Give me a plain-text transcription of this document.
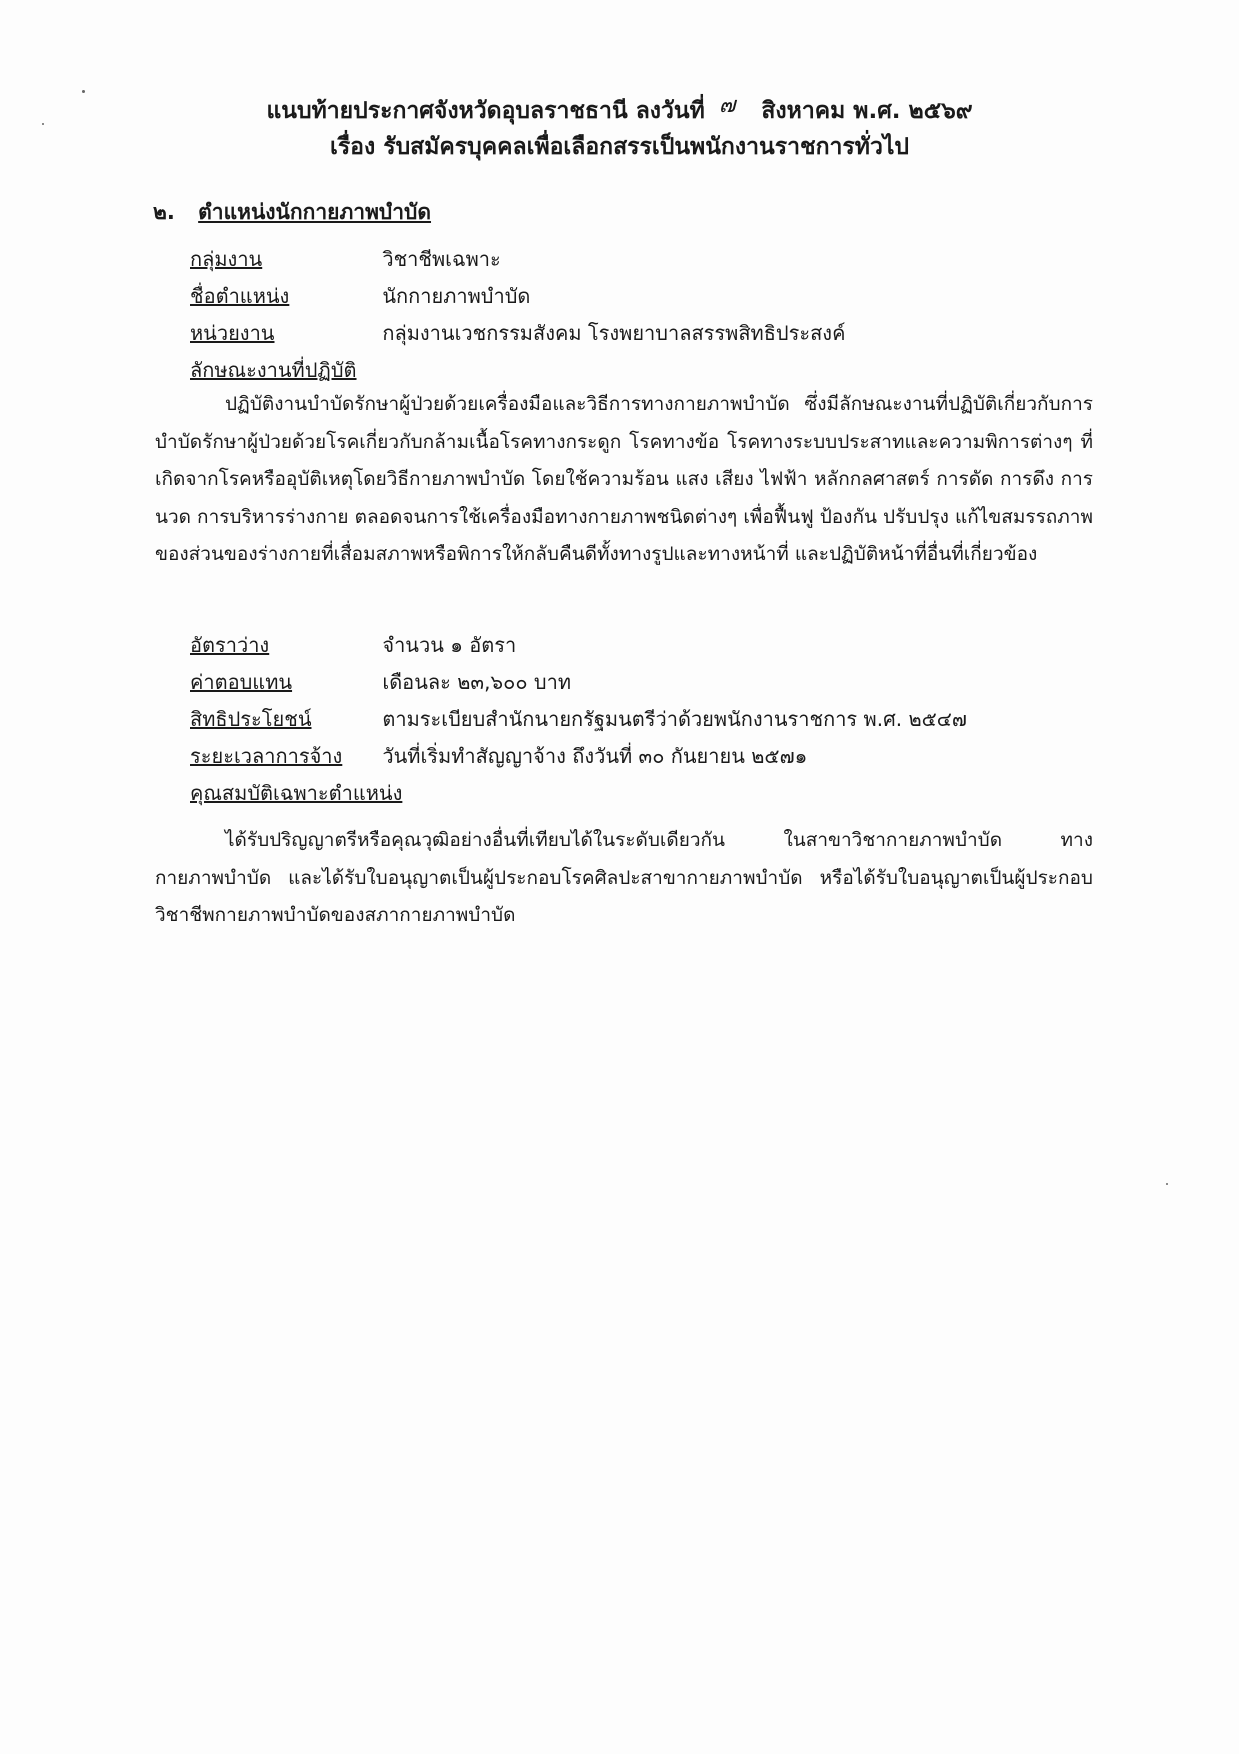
แนบท้ายประกาศจังหวัดอุบลราชธานี ลงวันที่ ๗ สิงหาคม พ.ศ. ๒๕๖๙
เรื่อง รับสมัครบุคคลเพื่อเลือกสรรเป็นพนักงานราชการทั่วไป
๒. ตำแหน่งนักกายภาพบำบัด
กลุ่มงาน	วิชาชีพเฉพาะ
ชื่อตำแหน่ง	นักกายภาพบำบัด
หน่วยงาน	กลุ่มงานเวชกรรมสังคม โรงพยาบาลสรรพสิทธิประสงค์
ลักษณะงานที่ปฏิบัติ
ปฏิบัติงานบำบัดรักษาผู้ป่วยด้วยเครื่องมือและวิธีการทางกายภาพบำบัด ซึ่งมีลักษณะงานที่ปฏิบัติเกี่ยวกับการบำบัดรักษาผู้ป่วยด้วยโรคเกี่ยวกับกล้ามเนื้อโรคทางกระดูก โรคทางข้อ โรคทางระบบประสาทและความพิการต่างๆ ที่เกิดจากโรคหรืออุบัติเหตุโดยวิธีกายภาพบำบัด โดยใช้ความร้อน แสง เสียง ไฟฟ้า หลักกลศาสตร์ การดัด การดึง การนวด การบริหารร่างกาย ตลอดจนการใช้เครื่องมือทางกายภาพชนิดต่างๆ เพื่อฟื้นฟู ป้องกัน ปรับปรุง แก้ไขสมรรถภาพของส่วนของร่างกายที่เสื่อมสภาพหรือพิการให้กลับคืนดีทั้งทางรูปและทางหน้าที่ และปฏิบัติหน้าที่อื่นที่เกี่ยวข้อง
อัตราว่าง	จำนวน ๑ อัตรา
ค่าตอบแทน	เดือนละ ๒๓,๖๐๐ บาท
สิทธิประโยชน์	ตามระเบียบสำนักนายกรัฐมนตรีว่าด้วยพนักงานราชการ พ.ศ. ๒๕๔๗
ระยะเวลาการจ้าง วันที่เริ่มทำสัญญาจ้าง ถึงวันที่ ๓๐ กันยายน ๒๕๗๑
คุณสมบัติเฉพาะตำแหน่ง
ได้รับปริญญาตรีหรือคุณวุฒิอย่างอื่นที่เทียบได้ในระดับเดียวกัน ในสาขาวิชากายภาพบำบัด ทางกายภาพบำบัด และได้รับใบอนุญาตเป็นผู้ประกอบโรคศิลปะสาขากายภาพบำบัด หรือได้รับใบอนุญาตเป็นผู้ประกอบวิชาชีพกายภาพบำบัดของสภากายภาพบำบัด
